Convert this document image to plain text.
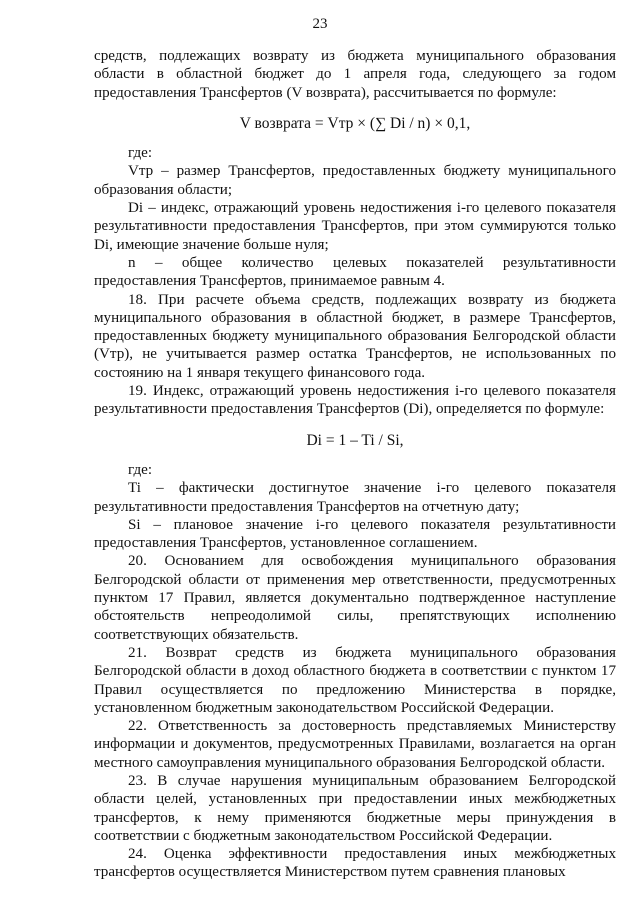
23

средств, подлежащих возврату из бюджета муниципального образования области в областной бюджет до 1 апреля года, следующего за годом предоставления Трансфертов (V возврата), рассчитывается по формуле:

V возврата = Vтр × (∑ Di / n) × 0,1,

где:

Vтр – размер Трансфертов, предоставленных бюджету муниципального образования области;

Di – индекс, отражающий уровень недостижения i-го целевого показателя результативности предоставления Трансфертов, при этом суммируются только Di, имеющие значение больше нуля;

n – общее количество целевых показателей результативности предоставления Трансфертов, принимаемое равным 4.

18. При расчете объема средств, подлежащих возврату из бюджета муниципального образования в областной бюджет, в размере Трансфертов, предоставленных бюджету муниципального образования Белгородской области (Vтр), не учитывается размер остатка Трансфертов, не использованных по состоянию на 1 января текущего финансового года.

19. Индекс, отражающий уровень недостижения i-го целевого показателя результативности предоставления Трансфертов (Di), определяется по формуле:

Di = 1 – Ti / Si,

где:

Ti – фактически достигнутое значение i-го целевого показателя результативности предоставления Трансфертов на отчетную дату;

Si – плановое значение i-го целевого показателя результативности предоставления Трансфертов, установленное соглашением.

20. Основанием для освобождения муниципального образования Белгородской области от применения мер ответственности, предусмотренных пунктом 17 Правил, является документально подтвержденное наступление обстоятельств непреодолимой силы, препятствующих исполнению соответствующих обязательств.

21. Возврат средств из бюджета муниципального образования Белгородской области в доход областного бюджета в соответствии с пунктом 17 Правил осуществляется по предложению Министерства в порядке, установленном бюджетным законодательством Российской Федерации.

22. Ответственность за достоверность представляемых Министерству информации и документов, предусмотренных Правилами, возлагается на орган местного самоуправления муниципального образования Белгородской области.

23. В случае нарушения муниципальным образованием Белгородской области целей, установленных при предоставлении иных межбюджетных трансфертов, к нему применяются бюджетные меры принуждения в соответствии с бюджетным законодательством Российской Федерации.

24. Оценка эффективности предоставления иных межбюджетных трансфертов осуществляется Министерством путем сравнения плановых
